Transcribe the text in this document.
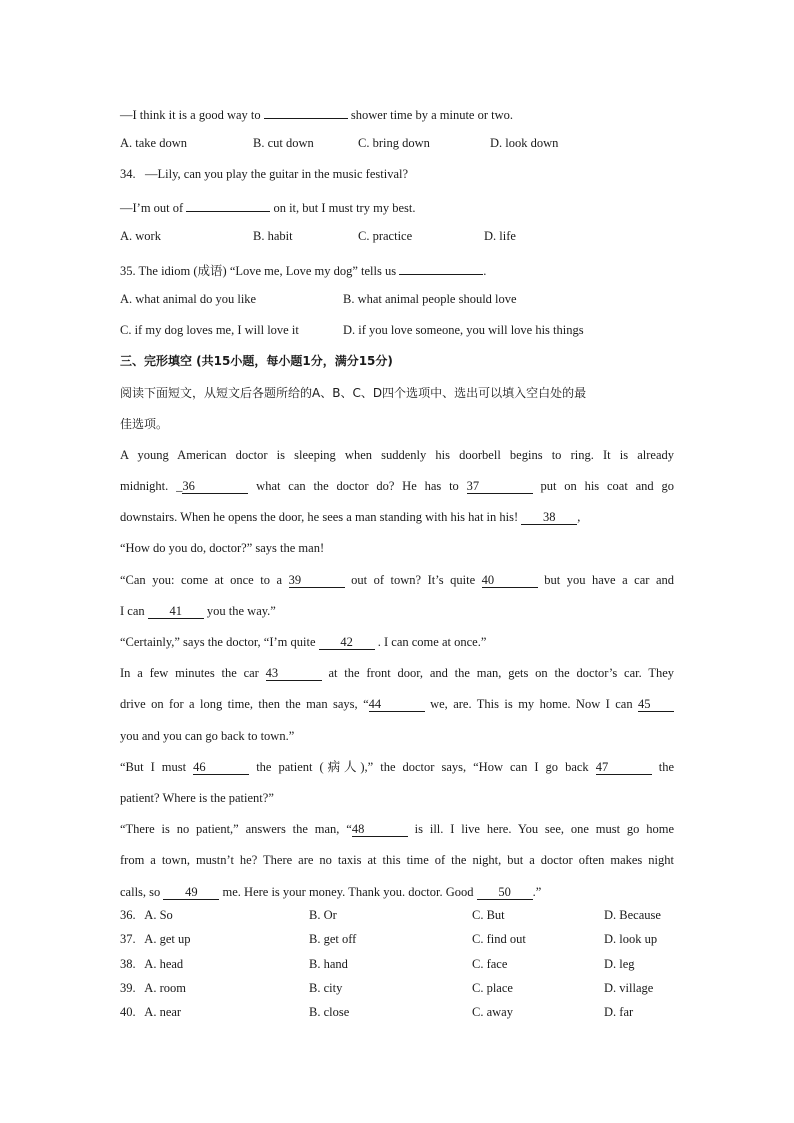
—I think it is a good way to	shower time by a minute or two.
A. take down	B. cut down	C. bring down	D. look down
34.   —Lily, can you play the guitar in the music festival?
—I’m out of	on it, but I must try my best.
A. work	B. habit	C. practice	D. life
35. The idiom (成语) “Love me, Love my dog” tells us	.
A. what animal do you like	B. what animal people should love
C. if my dog loves me, I will love it	D. if you love someone, you will love his things
三、完形填空 (共15小题，每小题1分，满分15分)
阅读下面短文，从短文后各题所给的A、B、C、D四个选项中、选出可以填入空白处的最
佳选项。
A young American doctor is sleeping when suddenly his doorbell begins to ring. It is already
midnight. _36	what can the doctor do? He has to 37	put on his coat and go
downstairs. When he opens the door, he sees a man standing with his hat in his! 38 ,
“How do you do, doctor?” says the man!
“Can you: come at once to a 39	out of town? It’s quite 40	but you have a car and
I can 41 you the way.”
“Certainly,” says the doctor, “I’m quite 42 . I can come at once.”
In a few minutes the car 43	at the front door, and the man, gets on the doctor’s car. They
drive on for a long time, then the man says, “44	we, are. This is my home. Now I can 45
you and you can go back to town.”
“But I must 46	the patient (病人),” the doctor says, “How can I go back 47	the
patient? Where is the patient?”
“There is no patient,” answers the man, “48	is ill. I live here. You see, one must go home
from a town, mustn’t he? There are no taxis at this time of the night, but a doctor often makes night
calls, so 49 me. Here is your money. Thank you. doctor. Good 50 .”
36.   A. So	B. Or	C. But	D. Because
37.   A. get up	B. get off	C. find out	D. look up
38.   A. head	B. hand	C. face	D. leg
39.   A. room	B. city	C. place	D. village
40.   A. near	B. close	C. away	D. far
